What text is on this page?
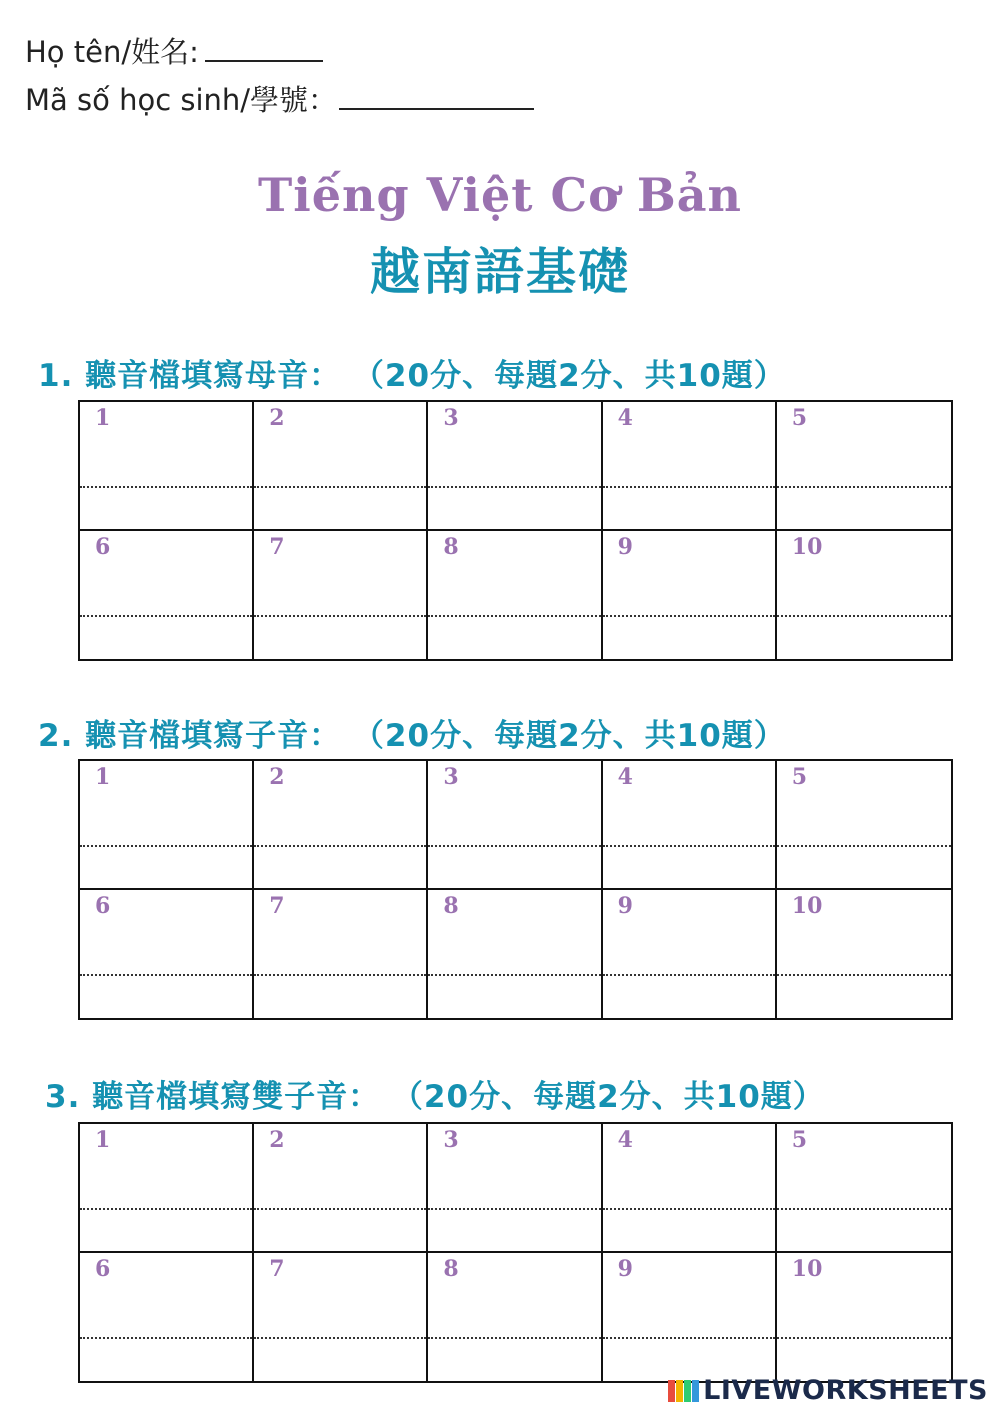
Họ tên/姓名:
Mã số học sinh/學號：
Tiếng Việt Cơ Bản
越南語基礎
1. 聽音檔填寫母音： （20分、每題2分、共10題）
1	2	3	4	5
6	7	8	9	10
2. 聽音檔填寫子音： （20分、每題2分、共10題）
1	2	3	4	5
6	7	8	9	10
3. 聽音檔填寫雙子音： （20分、每題2分、共10題）
1	2	3	4	5
6	7	8	9	10
LIVEWORKSHEETS
